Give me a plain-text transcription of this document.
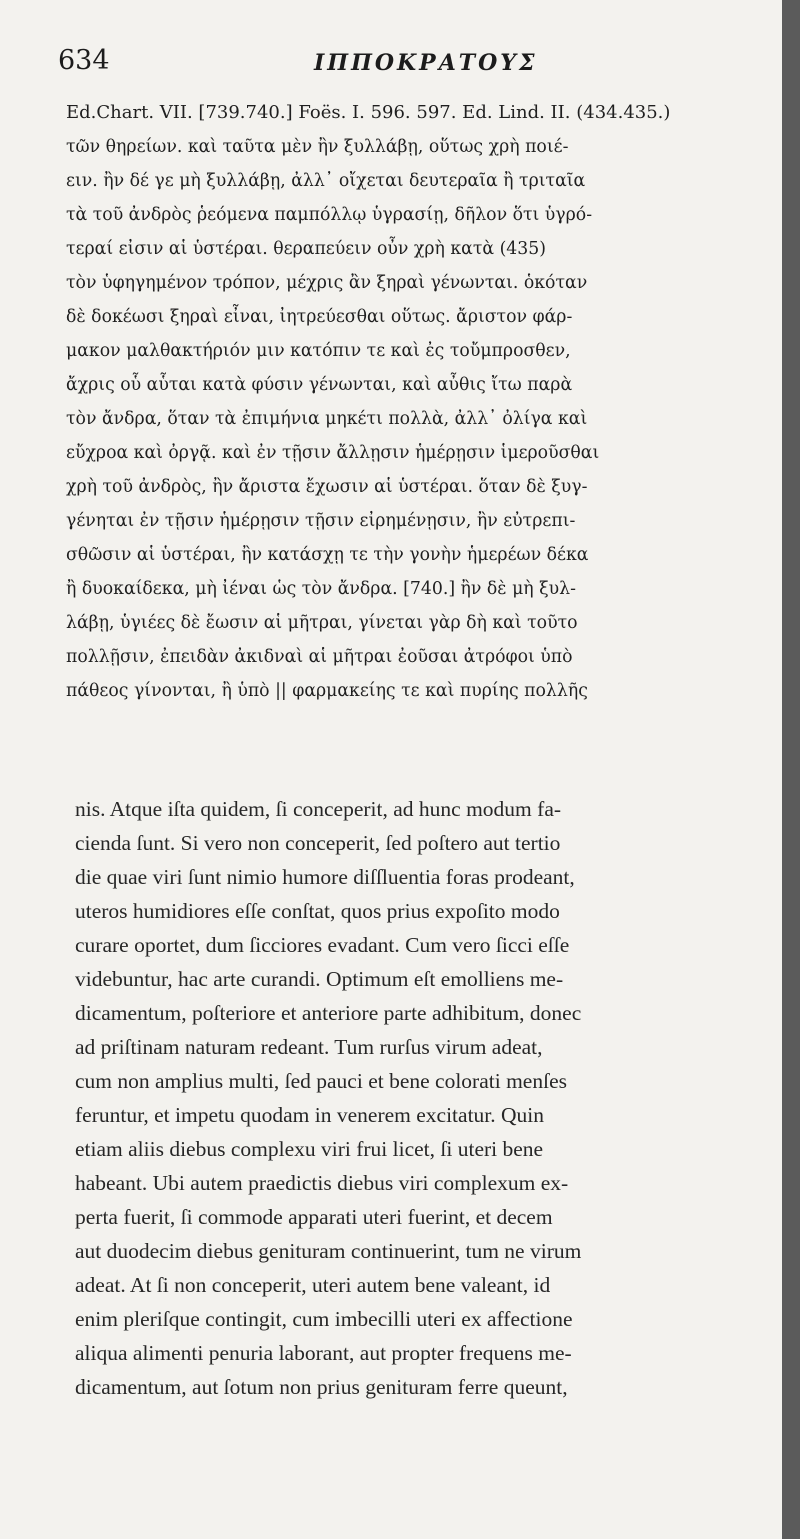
634	ΙΠΠΟΚΡΑΤΟΥΣ
Ed.Chart. VII. [739.740.] Foës. I. 596. 597. Ed. Lind. II. (434.435.)
τῶν θηρείων. καὶ ταῦτα μὲν ἢν ξυλλάβῃ, οὕτως χρὴ ποιέ-
ειν. ἢν δέ γε μὴ ξυλλάβῃ, ἀλλ᾽ οἴχεται δευτεραῖα ἢ τριταῖα
τὰ τοῦ ἀνδρὸς ῥεόμενα παμπόλλῳ ὑγρασίῃ, δῆλον ὅτι ὑγρό-
τεραί εἰσιν αἱ ὑστέραι. θεραπεύειν οὖν χρὴ κατὰ (435)
τὸν ὑφηγημένον τρόπον, μέχρις ἂν ξηραὶ γένωνται. ὁκόταν
δὲ δοκέωσι ξηραὶ εἶναι, ἰητρεύεσθαι οὕτως. ἄριστον φάρ-
μακον μαλθακτήριόν μιν κατόπιν τε καὶ ἐς τοὔμπροσθεν,
ἄχρις οὗ αὗται κατὰ φύσιν γένωνται, καὶ αὖθις ἴτω παρὰ
τὸν ἄνδρα, ὅταν τὰ ἐπιμήνια μηκέτι πολλὰ, ἀλλ᾽ ὀλίγα καὶ
εὔχροα καὶ ὀργᾷ. καὶ ἐν τῇσιν ἄλλῃσιν ἡμέρῃσιν ἱμεροῦσθαι
χρὴ τοῦ ἀνδρὸς, ἢν ἄριστα ἔχωσιν αἱ ὑστέραι. ὅταν δὲ ξυγ-
γένηται ἐν τῇσιν ἡμέρῃσιν τῇσιν εἰρημένῃσιν, ἢν εὐτρεπι-
σθῶσιν αἱ ὑστέραι, ἢν κατάσχῃ τε τὴν γονὴν ἡμερέων δέκα
ἢ δυοκαίδεκα, μὴ ἰέναι ὡς τὸν ἄνδρα. [740.] ἢν δὲ μὴ ξυλ-
λάβῃ, ὑγιέες δὲ ἔωσιν αἱ μῆτραι, γίνεται γὰρ δὴ καὶ τοῦτο
πολλῇσιν, ἐπειδὰν ἀκιδναὶ αἱ μῆτραι ἐοῦσαι ἀτρόφοι ὑπὸ
πάθεος γίνονται, ἢ ὑπὸ || φαρμακείης τε καὶ πυρίης πολλῆς
nis. Atque iſta quidem, ſi conceperit, ad hunc modum fa-
cienda ſunt. Si vero non conceperit, ſed poſtero aut tertio
die quae viri ſunt nimio humore diſſluentia foras prodeant,
uteros humidiores eſſe conſtat, quos prius expoſito modo
curare oportet, dum ſicciores evadant. Cum vero ſicci eſſe
videbuntur, hac arte curandi. Optimum eſt emolliens me-
dicamentum, poſteriore et anteriore parte adhibitum, donec
ad priſtinam naturam redeant. Tum rurſus virum adeat,
cum non amplius multi, ſed pauci et bene colorati menſes
feruntur, et impetu quodam in venerem excitatur. Quin
etiam aliis diebus complexu viri frui licet, ſi uteri bene
habeant. Ubi autem praedictis diebus viri complexum ex-
perta fuerit, ſi commode apparati uteri fuerint, et decem
aut duodecim diebus genituram continuerint, tum ne virum
adeat. At ſi non conceperit, uteri autem bene valeant, id
enim pleriſque contingit, cum imbecilli uteri ex affectione
aliqua alimenti penuria laborant, aut propter frequens me-
dicamentum, aut ſotum non prius genituram ferre queunt,
